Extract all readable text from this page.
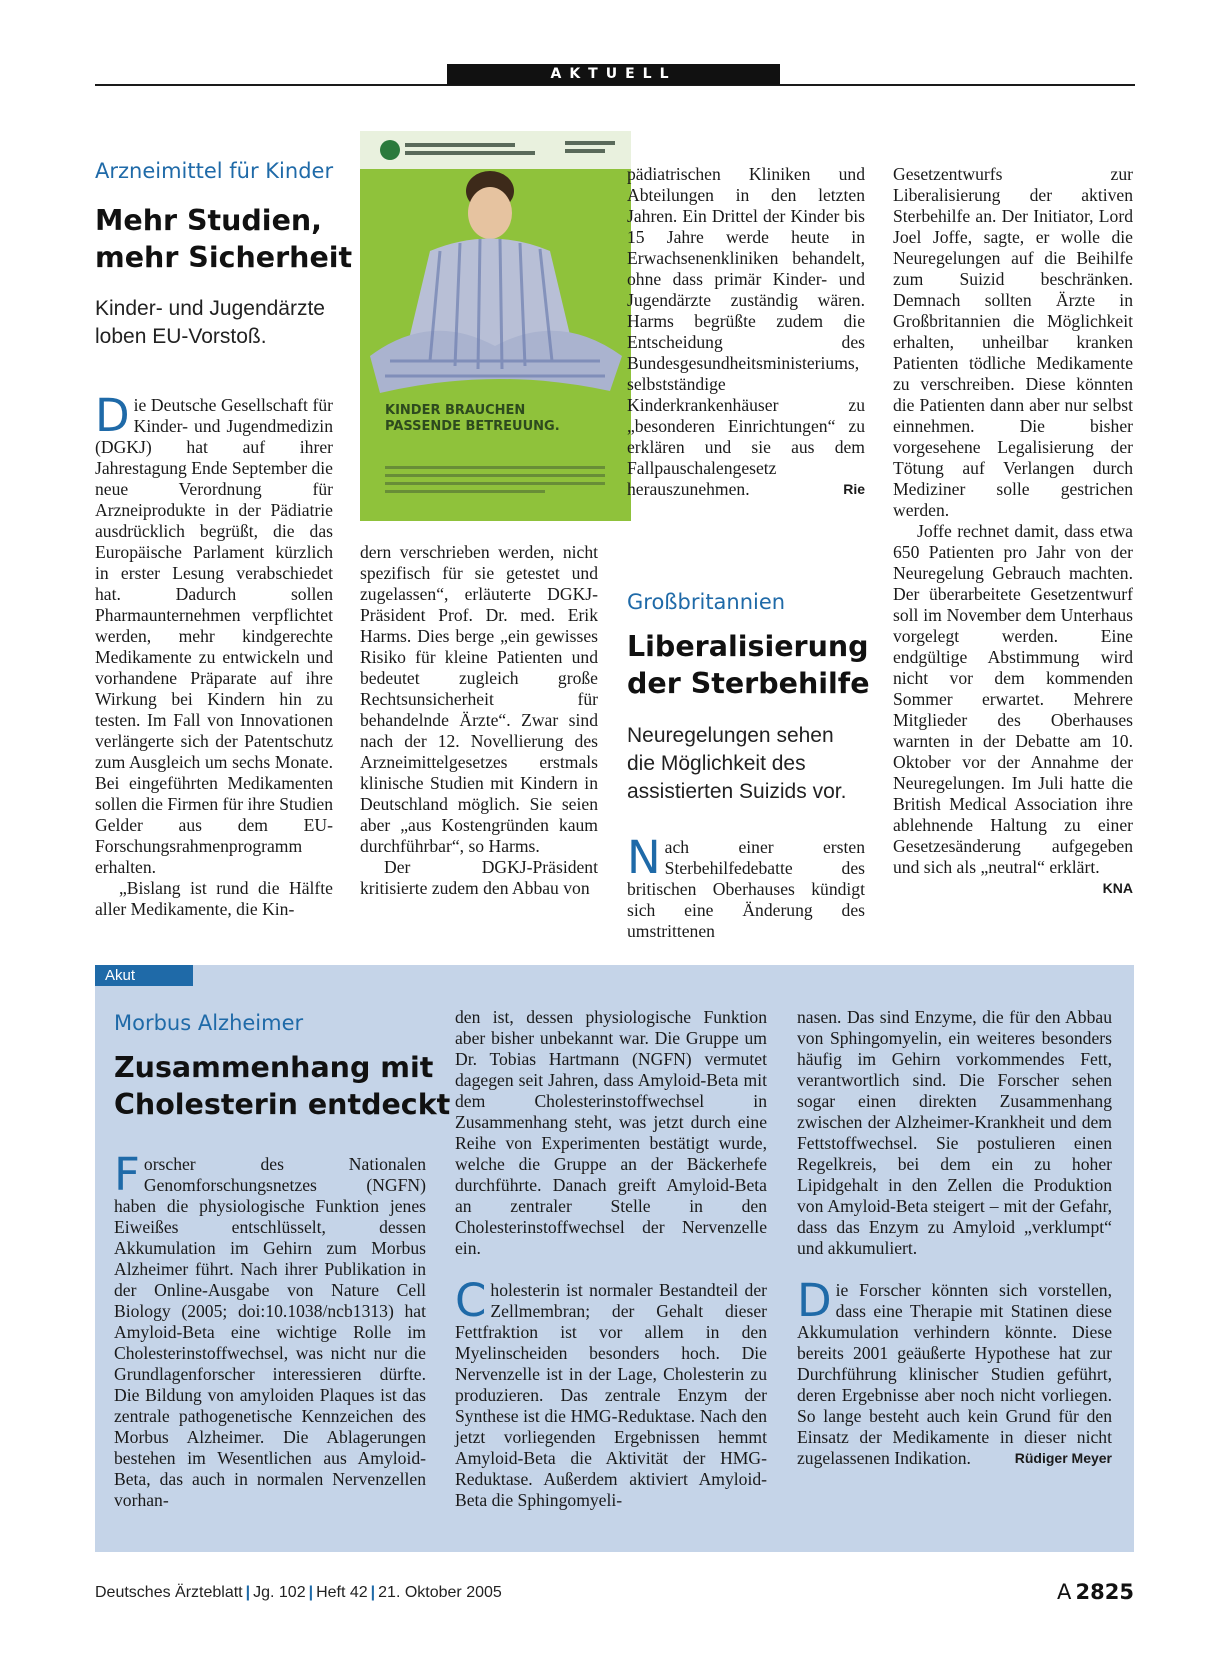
AKTUELL
Arzneimittel für Kinder
Mehr Studien,
mehr Sicherheit
Kinder- und Jugendärzte loben EU-Vorstoß.

Die Deutsche Gesellschaft für Kinder- und Jugendmedizin (DGKJ) hat auf ihrer Jahrestagung Ende September die neue Verordnung für Arzneiprodukte in der Pädiatrie ausdrücklich begrüßt, die das Europäische Parlament kürzlich in erster Lesung verabschiedet hat. Dadurch sollen Pharmaunternehmen verpflichtet werden, mehr kindgerechte Medikamente zu entwickeln und vorhandene Präparate auf ihre Wirkung bei Kindern hin zu testen. Im Fall von Innovationen verlängerte sich der Patentschutz zum Ausgleich um sechs Monate. Bei eingeführten Medikamenten sollen die Firmen für ihre Studien Gelder aus dem EU-Forschungsrahmenprogramm erhalten.

„Bislang ist rund die Hälfte aller Medikamente, die Kin-

KINDER BRAUCHEN
PASSENDE BETREUUNG.

dern verschrieben werden, nicht spezifisch für sie getestet und zugelassen“, erläuterte DGKJ-Präsident Prof. Dr. med. Erik Harms. Dies berge „ein gewisses Risiko für kleine Patienten und bedeutet zugleich große Rechtsunsicherheit für behandelnde Ärzte“. Zwar sind nach der 12. Novellierung des Arzneimittelgesetzes erstmals klinische Studien mit Kindern in Deutschland möglich. Sie seien aber „aus Kostengründen kaum durchführbar“, so Harms.

Der DGKJ-Präsident kritisierte zudem den Abbau von

pädiatrischen Kliniken und Abteilungen in den letzten Jahren. Ein Drittel der Kinder bis 15 Jahre werde heute in Erwachsenenkliniken behandelt, ohne dass primär Kinder- und Jugendärzte zuständig wären. Harms begrüßte zudem die Entscheidung des Bundesgesundheitsministeriums, selbstständige Kinderkrankenhäuser zu „besonderen Einrichtungen“ zu erklären und sie aus dem Fallpauschalengesetz herauszunehmen.	Rie

Großbritannien
Liberalisierung
der Sterbehilfe
Neuregelungen sehen die Möglichkeit des assistierten Suizids vor.

Nach einer ersten Sterbehilfedebatte des britischen Oberhauses kündigt sich eine Änderung des umstrittenen

Gesetzentwurfs zur Liberalisierung der aktiven Sterbehilfe an. Der Initiator, Lord Joel Joffe, sagte, er wolle die Neuregelungen auf die Beihilfe zum Suizid beschränken. Demnach sollten Ärzte in Großbritannien die Möglichkeit erhalten, unheilbar kranken Patienten tödliche Medikamente zu verschreiben. Diese könnten die Patienten dann aber nur selbst einnehmen. Die bisher vorgesehene Legalisierung der Tötung auf Verlangen durch Mediziner solle gestrichen werden.

Joffe rechnet damit, dass etwa 650 Patienten pro Jahr von der Neuregelung Gebrauch machten. Der überarbeitete Gesetzentwurf soll im November dem Unterhaus vorgelegt werden. Eine endgültige Abstimmung wird nicht vor dem kommenden Sommer erwartet. Mehrere Mitglieder des Oberhauses warnten in der Debatte am 10. Oktober vor der Annahme der Neuregelungen. Im Juli hatte die British Medical Association ihre ablehnende Haltung zu einer Gesetzesänderung aufgegeben und sich als „neutral“ erklärt.
KNA

Akut
Morbus Alzheimer
Zusammenhang mit
Cholesterin entdeckt

Forscher des Nationalen Genomforschungsnetzes (NGFN) haben die physiologische Funktion jenes Eiweißes entschlüsselt, dessen Akkumulation im Gehirn zum Morbus Alzheimer führt. Nach ihrer Publikation in der Online-Ausgabe von Nature Cell Biology (2005; doi:10.1038/ncb1313) hat Amyloid-Beta eine wichtige Rolle im Cholesterinstoffwechsel, was nicht nur die Grundlagenforscher interessieren dürfte. Die Bildung von amyloiden Plaques ist das zentrale pathogenetische Kennzeichen des Morbus Alzheimer. Die Ablagerungen bestehen im Wesentlichen aus Amyloid-Beta, das auch in normalen Nervenzellen vorhan-

den ist, dessen physiologische Funktion aber bisher unbekannt war. Die Gruppe um Dr. Tobias Hartmann (NGFN) vermutet dagegen seit Jahren, dass Amyloid-Beta mit dem Cholesterinstoffwechsel in Zusammenhang steht, was jetzt durch eine Reihe von Experimenten bestätigt wurde, welche die Gruppe an der Bäckerhefe durchführte. Danach greift Amyloid-Beta an zentraler Stelle in den Cholesterinstoffwechsel der Nervenzelle ein.

Cholesterin ist normaler Bestandteil der Zellmembran; der Gehalt dieser Fettfraktion ist vor allem in den Myelinscheiden besonders hoch. Die Nervenzelle ist in der Lage, Cholesterin zu produzieren. Das zentrale Enzym der Synthese ist die HMG-Reduktase. Nach den jetzt vorliegenden Ergebnissen hemmt Amyloid-Beta die Aktivität der HMG-Reduktase. Außerdem aktiviert Amyloid-Beta die Sphingomyeli-

nasen. Das sind Enzyme, die für den Abbau von Sphingomyelin, ein weiteres besonders häufig im Gehirn vorkommendes Fett, verantwortlich sind. Die Forscher sehen sogar einen direkten Zusammenhang zwischen der Alzheimer-Krankheit und dem Fettstoffwechsel. Sie postulieren einen Regelkreis, bei dem ein zu hoher Lipidgehalt in den Zellen die Produktion von Amyloid-Beta steigert – mit der Gefahr, dass das Enzym zu Amyloid „verklumpt“ und akkumuliert.

Die Forscher könnten sich vorstellen, dass eine Therapie mit Statinen diese Akkumulation verhindern könnte. Diese bereits 2001 geäußerte Hypothese hat zur Durchführung klinischer Studien geführt, deren Ergebnisse aber noch nicht vorliegen. So lange besteht auch kein Grund für den Einsatz der Medikamente in dieser nicht zugelassenen Indikation.	Rüdiger Meyer

Deutsches Ärzteblatt | Jg. 102 | Heft 42 | 21. Oktober 2005	A  2825
